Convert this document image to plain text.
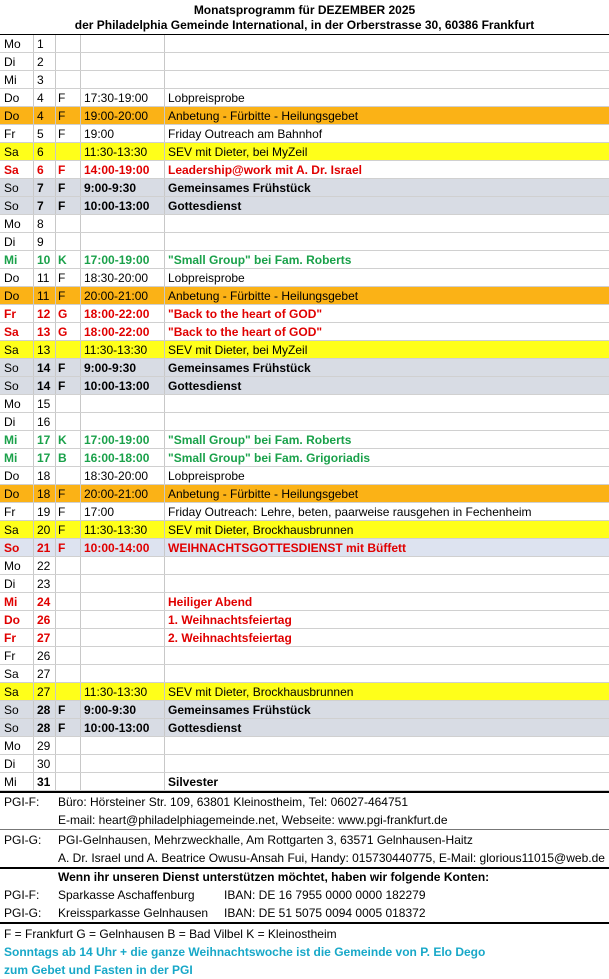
Monatsprogramm für DEZEMBER 2025
der Philadelphia Gemeinde International, in der Orberstrasse 30, 60386 Frankfurt
Mo 1
Di 2
Mi 3
Do 4 F 17:30-19:00 Lobpreisprobe
Do 4 F 19:00-20:00 Anbetung - Fürbitte - Heilungsgebet
Fr 5 F 19:00	Friday Outreach am Bahnhof
Sa 6	11:30-13:30 SEV mit Dieter, bei MyZeil
Sa 6 F 14:00-19:00 Leadership@work mit A. Dr. Israel
So 7 F 9:00-9:30	Gemeinsames Frühstück
So 7 F 10:00-13:00 Gottesdienst
Mo 8
Di 9
Mi 10 K 17:00-19:00 "Small Group" bei Fam. Roberts
Do 11 F 18:30-20:00 Lobpreisprobe
Do 11 F 20:00-21:00 Anbetung - Fürbitte - Heilungsgebet
Fr 12 G 18:00-22:00 "Back to the heart of GOD"
Sa 13 G 18:00-22:00 "Back to the heart of GOD"
Sa 13	11:30-13:30 SEV mit Dieter, bei MyZeil
So 14 F 9:00-9:30	Gemeinsames Frühstück
So 14 F 10:00-13:00 Gottesdienst
Mo 15
Di 16
Mi 17 K 17:00-19:00 "Small Group" bei Fam. Roberts
Mi 17 B 16:00-18:00 "Small Group" bei Fam. Grigoriadis
Do 18	18:30-20:00 Lobpreisprobe
Do 18 F 20:00-21:00 Anbetung - Fürbitte - Heilungsgebet
Fr 19 F 17:00	Friday Outreach: Lehre, beten, paarweise rausgehen in Fechenheim
Sa 20 F 11:30-13:30 SEV mit Dieter, Brockhausbrunnen
So 21 F 10:00-14:00 WEIHNACHTSGOTTESDIENST mit Büffett
Mo 22
Di 23
Mi 24	Heiliger Abend
Do 26	1. Weihnachtsfeiertag
Fr 27	2. Weihnachtsfeiertag
Fr 26
Sa 27
Sa 27	11:30-13:30 SEV mit Dieter, Brockhausbrunnen
So 28 F 9:00-9:30	Gemeinsames Frühstück
So 28 F 10:00-13:00 Gottesdienst
Mo 29
Di 30
Mi 31	Silvester
PGI-F: Büro: Hörsteiner Str. 109, 63801 Kleinostheim, Tel: 06027-464751
E-mail: heart@philadelphiagemeinde.net, Webseite: www.pgi-frankfurt.de
PGI-G: PGI-Gelnhausen, Mehrzweckhalle, Am Rottgarten 3, 63571 Gelnhausen-Haitz
A. Dr. Israel und A. Beatrice Owusu-Ansah Fui, Handy: 015730440775, E-Mail: glorious11015@web.de
Wenn ihr unseren Dienst unterstützen möchtet, haben wir folgende Konten:
PGI-F: Sparkasse Aschaffenburg IBAN: DE 16 7955 0000 0000 182279
PGI-G: Kreissparkasse Gelnhausen IBAN: DE 51 5075 0094 0005 018372
F = Frankfurt G = Gelnhausen B = Bad Vilbel K = Kleinostheim
Sonntags ab 14 Uhr + die ganze Weihnachtswoche ist die Gemeinde von P. Elo Dego
zum Gebet und Fasten in der PGI
